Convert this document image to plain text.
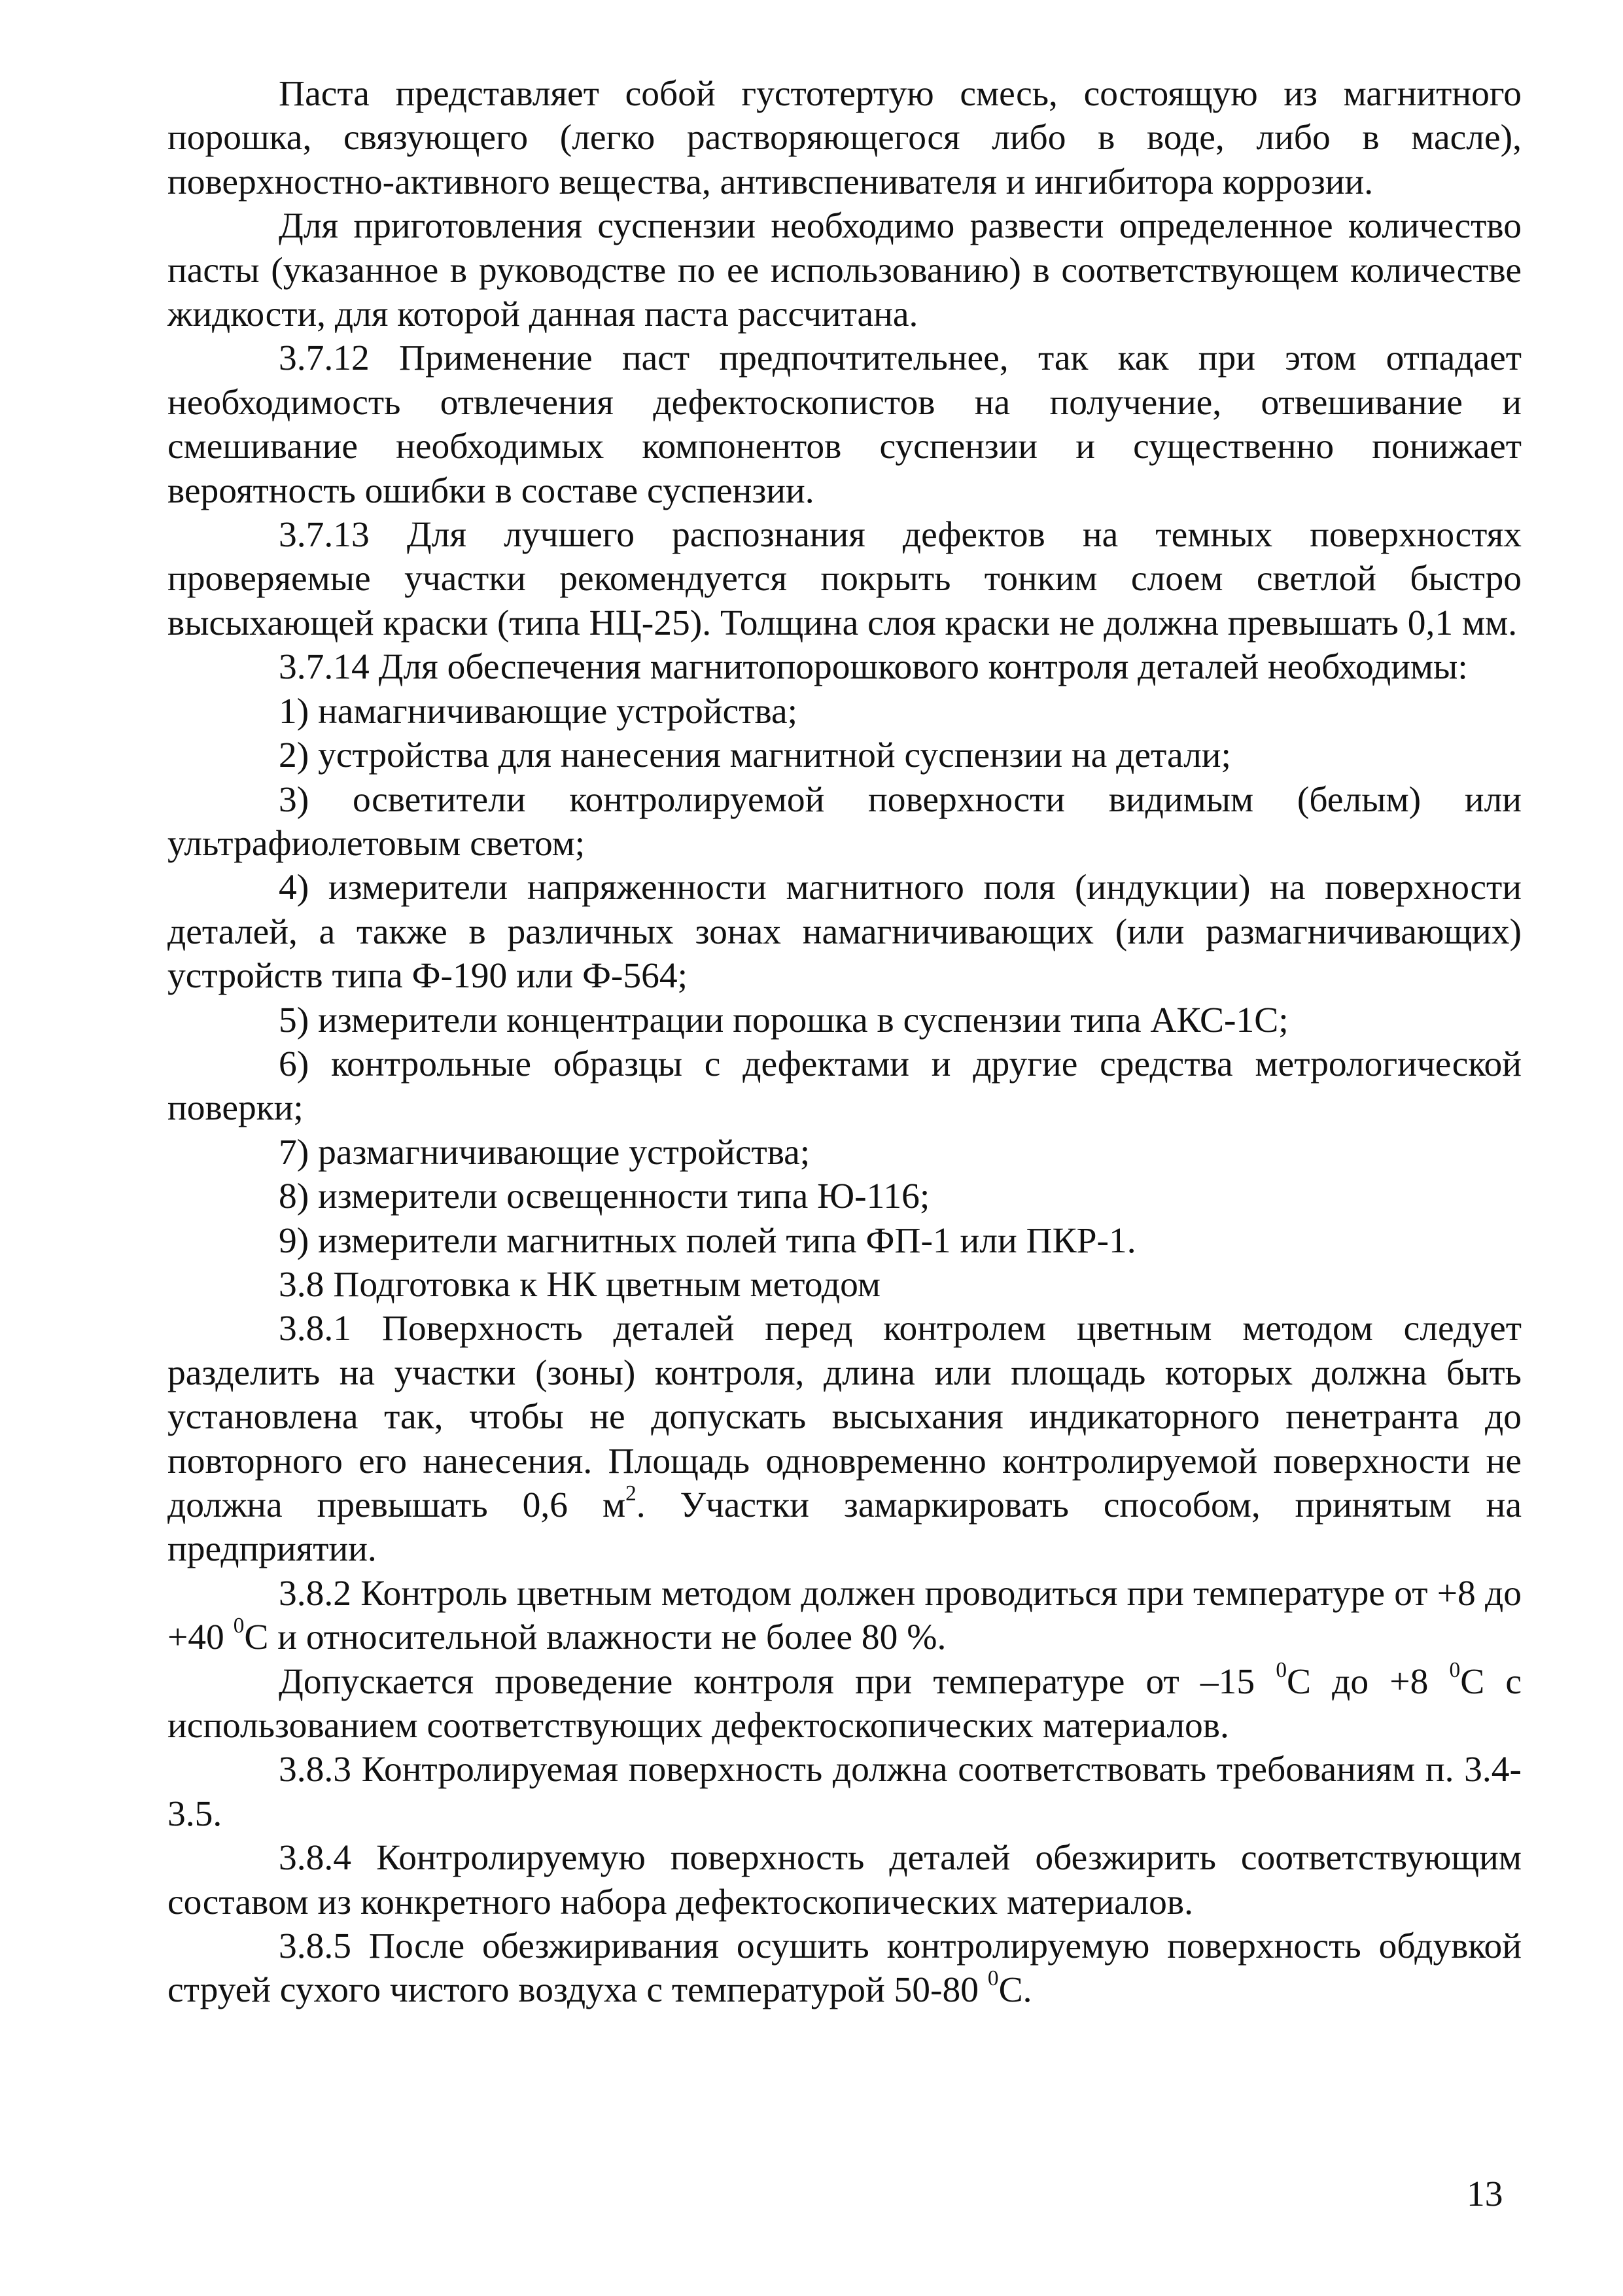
Паста представляет собой густотертую смесь, состоящую из магнитного порошка, связующего (легко растворяющегося либо в воде, либо в масле), поверхностно-активного вещества, антивспенивателя и ингибитора коррозии.

Для приготовления суспензии необходимо развести определенное количество пасты (указанное в руководстве по ее использованию) в соответствующем количестве жидкости, для которой данная паста рассчитана.

3.7.12 Применение паст предпочтительнее, так как при этом отпадает необходимость отвлечения дефектоскопистов на получение, отвешивание и смешивание необходимых компонентов суспензии и существенно понижает вероятность ошибки в составе суспензии.

3.7.13 Для лучшего распознания дефектов на темных поверхностях проверяемые участки рекомендуется покрыть тонким слоем светлой быстро высыхающей краски (типа НЦ-25). Толщина слоя краски не должна превышать 0,1 мм.

3.7.14 Для обеспечения магнитопорошкового контроля деталей необходимы:

1) намагничивающие устройства;

2) устройства для нанесения магнитной суспензии на детали;

3) осветители контролируемой поверхности видимым (белым) или ультрафиолетовым светом;

4) измерители напряженности магнитного поля (индукции) на поверхности деталей, а также в различных зонах намагничивающих (или размагничивающих) устройств типа Ф-190 или Ф-564;

5) измерители концентрации порошка в суспензии типа АКС-1С;

6) контрольные образцы с дефектами и другие средства метрологической поверки;

7) размагничивающие устройства;

8) измерители освещенности типа Ю-116;

9) измерители магнитных полей типа ФП-1 или ПКР-1.

3.8 Подготовка к НК цветным методом

3.8.1 Поверхность деталей перед контролем цветным методом следует разделить на участки (зоны) контроля, длина или площадь которых должна быть установлена так, чтобы не допускать высыхания индикаторного пенетранта до повторного его нанесения. Площадь одновременно контролируемой поверхности не должна превышать 0,6 $м^2$. Участки замаркировать способом, принятым на предприятии.

3.8.2 Контроль цветным методом должен проводиться при температуре от +8 до +40 $^0$С и относительной влажности не более 80 %.

Допускается проведение контроля при температуре от –15 $^0$С до +8 $^0$С с использованием соответствующих дефектоскопических материалов.

3.8.3 Контролируемая поверхность должна соответствовать требованиям п. 3.4-3.5.

3.8.4 Контролируемую поверхность деталей обезжирить соответствующим составом из конкретного набора дефектоскопических материалов.

3.8.5 После обезжиривания осушить контролируемую поверхность обдувкой струей сухого чистого воздуха с температурой 50-80 $^0$С.

13
